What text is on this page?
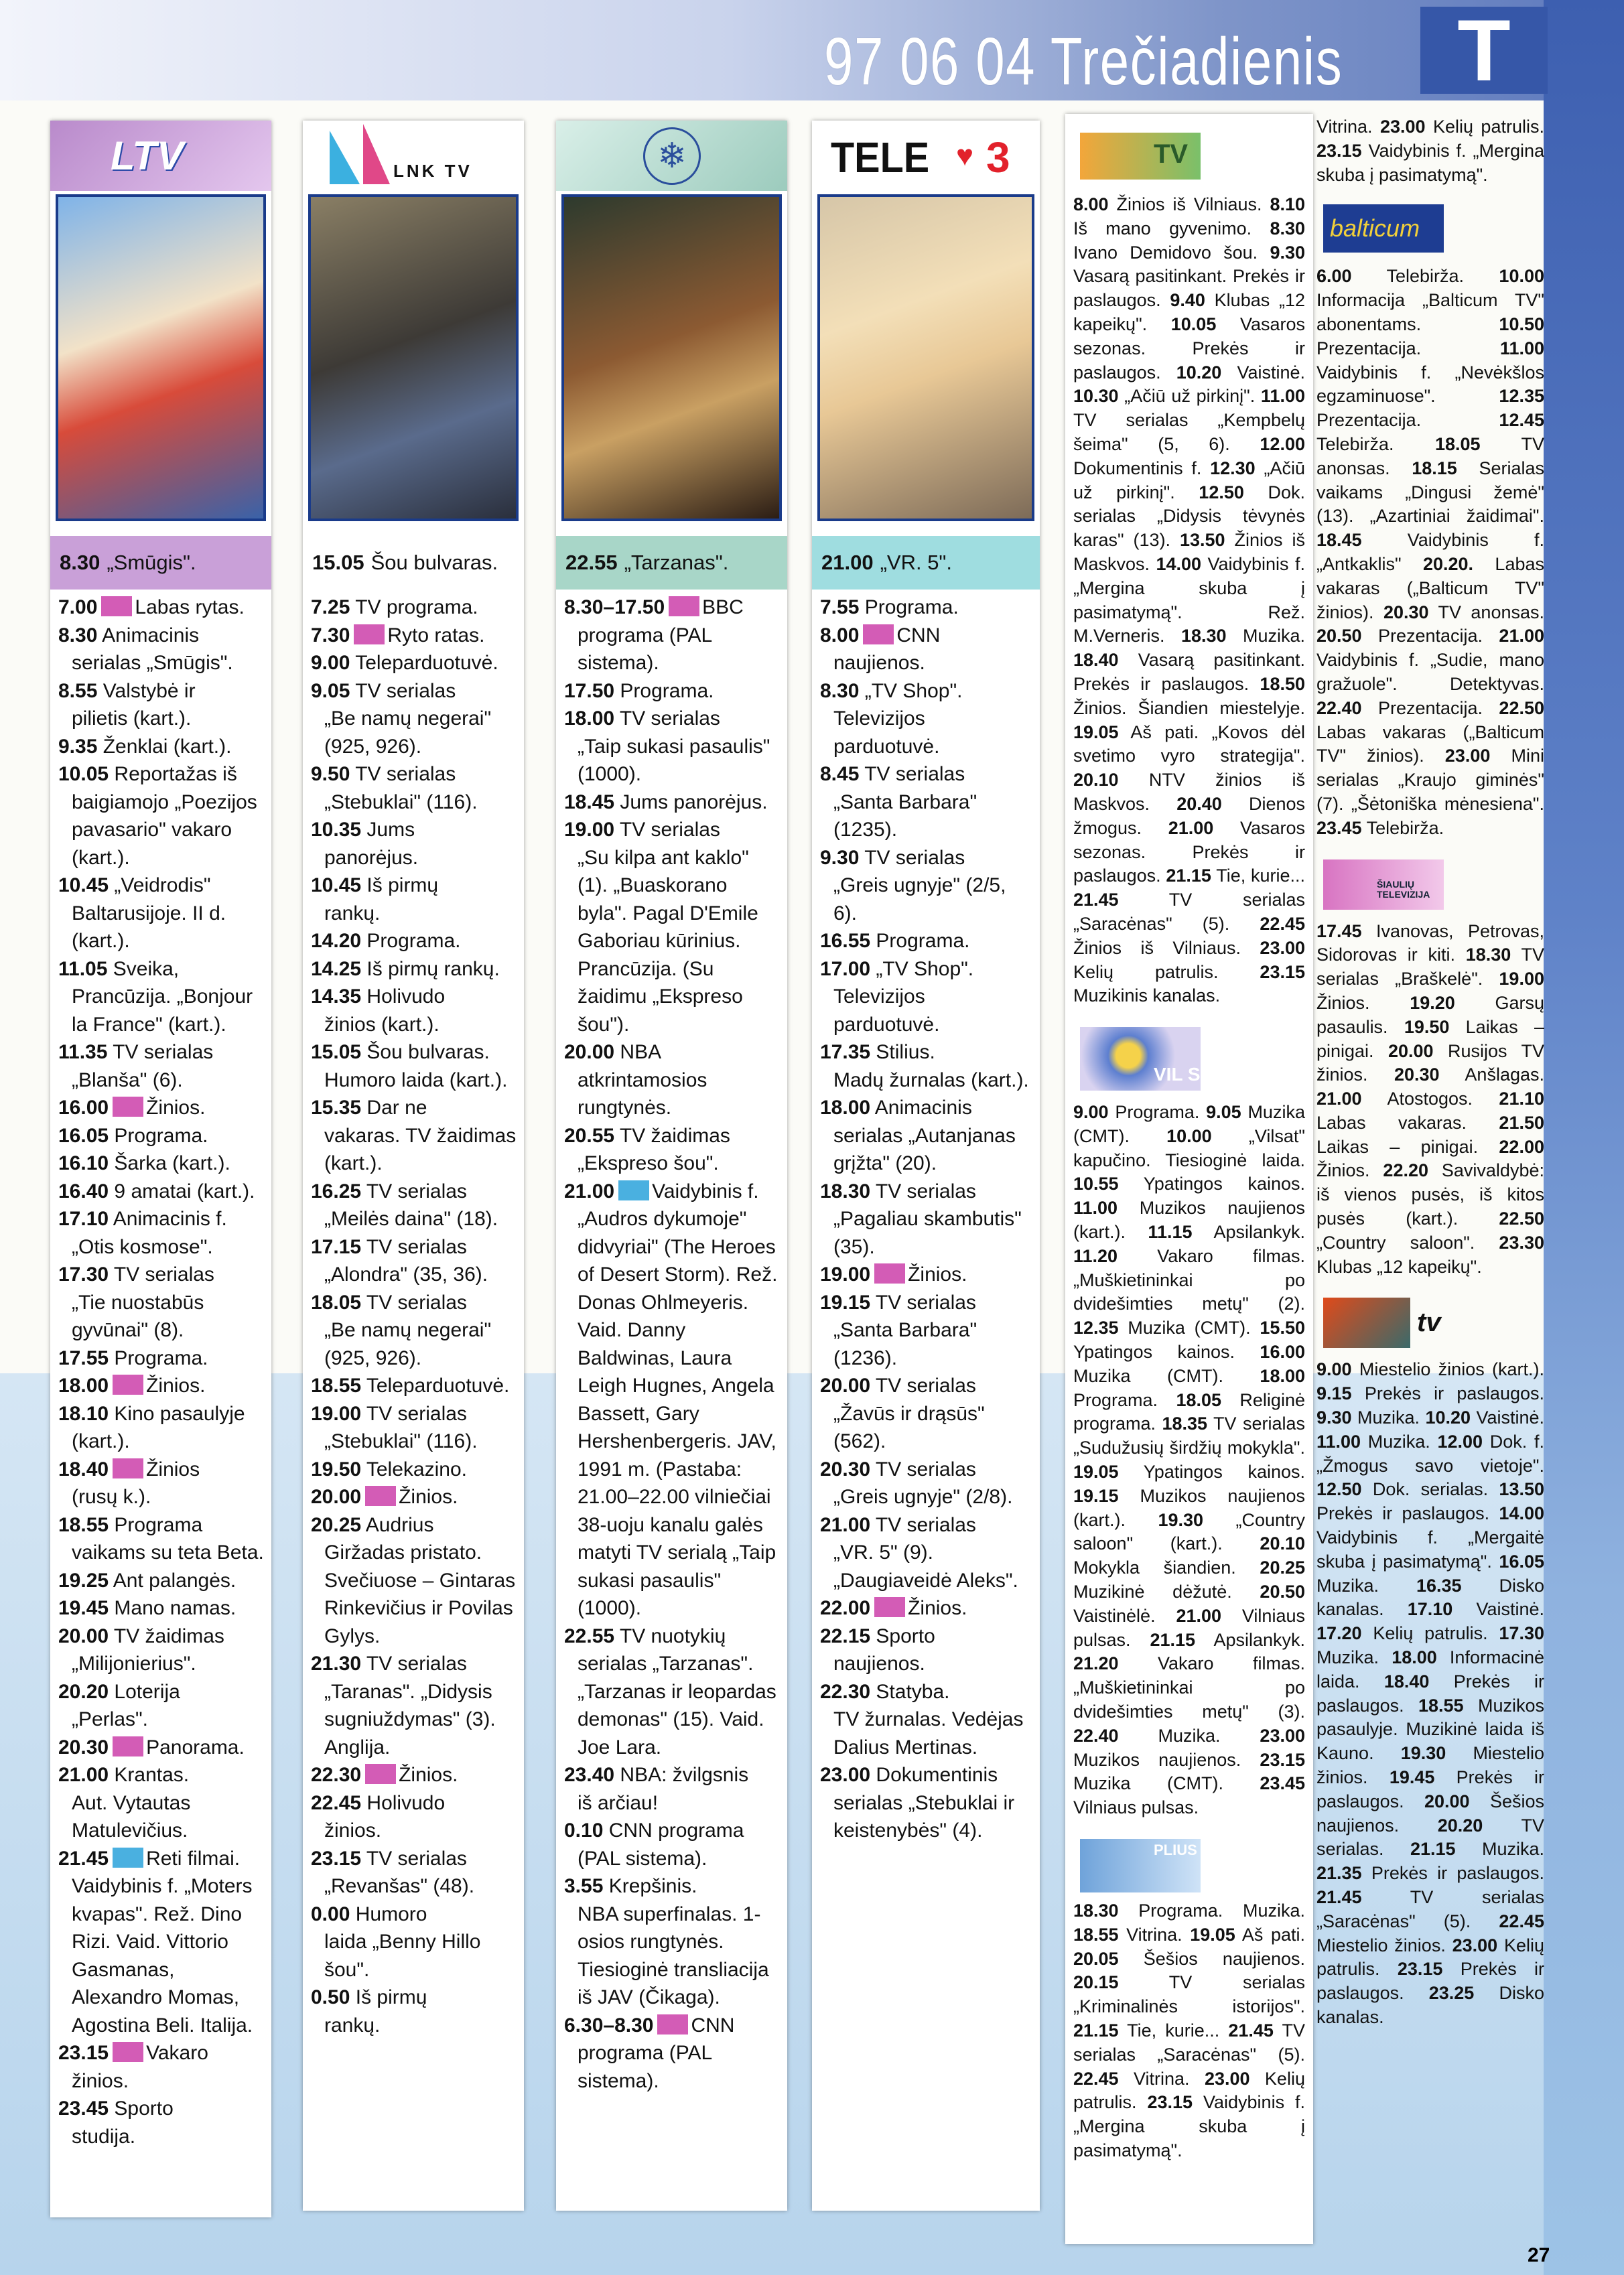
97 06 04 Trečiadienis	T
LTV
8.30 „Smūgis".

7.00 Labas rytas.

8.30 Animacinis
serialas „Smūgis".

8.55 Valstybė ir
pilietis (kart.).

9.35 Ženklai (kart.).

10.05 Reportažas iš
baigiamojo „Poezijos pavasario" vakaro (kart.).

10.45 „Veidrodis"
Baltarusijoje. II d. (kart.).

11.05 Sveika,
Prancūzija. „Bonjour la France" (kart.).

11.35 TV serialas
„Blanša" (6).

16.00 Žinios.

16.05 Programa.

16.10 Šarka (kart.).

16.40 9 amatai (kart.).

17.10 Animacinis f.
„Otis kosmose".

17.30 TV serialas
„Tie nuostabūs gyvūnai" (8).

17.55 Programa.

18.00 Žinios.

18.10 Kino pasaulyje
(kart.).

18.40 Žinios
(rusų k.).

18.55 Programa
vaikams su teta Beta.

19.25 Ant palangės.

19.45 Mano namas.

20.00 TV žaidimas
„Milijonierius".

20.20 Loterija
„Perlas".

20.30 Panorama.

21.00 Krantas.
Aut. Vytautas Matulevičius.

21.45 Reti filmai.
Vaidybinis f. „Moters kvapas". Rež. Dino Rizi. Vaid. Vittorio Gasmanas, Alexandro Momas, Agostina Beli. Italija.

23.15 Vakaro
žinios.

23.45 Sporto
studija.

LNK TV
15.05 Šou bulvaras.

7.25 TV programa.

7.30 Ryto ratas.

9.00 Teleparduotuvė.

9.05 TV serialas
„Be namų negerai" (925, 926).

9.50 TV serialas
„Stebuklai" (116).

10.35 Jums
panorėjus.

10.45 Iš pirmų
rankų.

14.20 Programa.

14.25 Iš pirmų rankų.

14.35 Holivudo
žinios (kart.).

15.05 Šou bulvaras.
Humoro laida (kart.).

15.35 Dar ne
vakaras. TV žaidimas (kart.).

16.25 TV serialas
„Meilės daina" (18).

17.15 TV serialas
„Alondra" (35, 36).

18.05 TV serialas
„Be namų negerai" (925, 926).

18.55 Teleparduotuvė.

19.00 TV serialas
„Stebuklai" (116).

19.50 Telekazino.

20.00 Žinios.

20.25 Audrius
Giržadas pristato. Svečiuose – Gintaras Rinkevičius ir Povilas Gylys.

21.30 TV serialas
„Taranas". „Didysis sugniuždymas" (3). Anglija.

22.30 Žinios.

22.45 Holivudo
žinios.

23.15 TV serialas
„Revanšas" (48).

0.00 Humoro
laida „Benny Hillo šou".

0.50 Iš pirmų
rankų.

❄
22.55 „Tarzanas".

8.30–17.50 BBC
programa (PAL sistema).

17.50 Programa.

18.00 TV serialas
„Taip sukasi pasaulis" (1000).

18.45 Jums panorėjus.

19.00 TV serialas
„Su kilpa ant kaklo" (1). „Buaskorano byla". Pagal D'Emile Gaboriau kūrinius. Prancūzija. (Su žaidimu „Ekspreso šou").

20.00 NBA
atkrintamosios rungtynės.

20.55 TV žaidimas
„Ekspreso šou".

21.00 Vaidybinis f.
„Audros dykumoje" didvyriai" (The Heroes of Desert Storm). Rež. Donas Ohlmeyeris. Vaid. Danny Baldwinas, Laura Leigh Hugnes, Angela Bassett, Gary Hershenbergeris. JAV, 1991 m. (Pastaba: 21.00–22.00 vilniečiai 38-uoju kanalu galės matyti TV serialą „Taip sukasi pasaulis" (1000).

22.55 TV nuotykių
serialas „Tarzanas". „Tarzanas ir leopardas demonas" (15). Vaid. Joe Lara.

23.40 NBA: žvilgsnis
iš arčiau!

0.10 CNN programa
(PAL sistema).

3.55 Krepšinis.
NBA superfinalas. 1-osios rungtynės. Tiesioginė transliacija iš JAV (Čikaga).

6.30–8.30 CNN
programa (PAL sistema).

TELE ♥ 3
21.00 „VR. 5".

7.55 Programa.

8.00 CNN
naujienos.

8.30 „TV Shop".
Televizijos parduotuvė.

8.45 TV serialas
„Santa Barbara" (1235).

9.30 TV serialas
„Greis ugnyje" (2/5, 6).

16.55 Programa.

17.00 „TV Shop".
Televizijos parduotuvė.

17.35 Stilius.
Madų žurnalas (kart.).

18.00 Animacinis
serialas „Autanjanas grįžta" (20).

18.30 TV serialas
„Pagaliau skambutis" (35).

19.00 Žinios.

19.15 TV serialas
„Santa Barbara" (1236).

20.00 TV serialas
„Žavūs ir drąsūs" (562).

20.30 TV serialas
„Greis ugnyje" (2/8).

21.00 TV serialas
„VR. 5" (9). „Daugiaveidė Aleks".

22.00 Žinios.

22.15 Sporto
naujienos.

22.30 Statyba.
TV žurnalas. Vedėjas Dalius Mertinas.

23.00 Dokumentinis
serialas „Stebuklai ir keistenybės" (4).

TV
8.00 Žinios iš Vilniaus. 8.10 Iš mano gyvenimo. 8.30 Ivano Demidovo šou. 9.30 Vasarą pasitinkant. Prekės ir paslaugos. 9.40 Klubas „12 kapeikų". 10.05 Vasaros sezonas. Prekės ir paslaugos. 10.20 Vaistinė. 10.30 „Ačiū už pirkinį". 11.00 TV serialas „Kempbelų šeima" (5, 6). 12.00 Dokumentinis f. 12.30 „Ačiū už pirkinį". 12.50 Dok. serialas „Didysis tėvynės karas" (13). 13.50 Žinios iš Maskvos. 14.00 Vaidybinis f. „Mergina skuba į pasimatymą". Rež. M.Verneris. 18.30 Muzika. 18.40 Vasarą pasitinkant. Prekės ir paslaugos. 18.50 Žinios. Šiandien miestelyje. 19.05 Aš pati. „Kovos dėl svetimo vyro strategija". 20.10 NTV žinios iš Maskvos. 20.40 Dienos žmogus. 21.00 Vasaros sezonas. Prekės ir paslaugos. 21.15 Tie, kurie... 21.45	TV serialas „Saracėnas" (5). 22.45 Žinios iš Vilniaus. 23.00 Kelių patrulis. 23.15 Muzikinis kanalas.
VIL SAT
9.00 Programa. 9.05 Muzika (CMT). 10.00 „Vilsat" kapučino. Tiesioginė laida. 10.55 Ypatingos kainos. 11.00 Muzikos naujienos (kart.). 11.15 Apsilankyk. 11.20 Vakaro filmas. „Muškietininkai po dvidešimties metų" (2). 12.35 Muzika (CMT). 15.50 Ypatingos kainos. 16.00 Muzika (CMT). 18.00 Programa. 18.05 Religinė programa. 18.35 TV serialas „Sudužusių širdžių mokykla". 19.05 Ypatingos kainos. 19.15 Muzikos naujienos (kart.). 19.30 „Country saloon" (kart.). 20.10 Mokykla šiandien. 20.25 Muzikinė dėžutė. 20.50 Vaistinėlė. 21.00 Vilniaus pulsas. 21.15 Apsilankyk. 21.20 Vakaro filmas. „Muškietininkai po dvidešimties metų" (3). 22.40 Muzika. 23.00 Muzikos naujienos. 23.15 Muzika (CMT). 23.45 Vilniaus pulsas.
PLIUS
18.30 Programa. Muzika. 18.55 Vitrina. 19.05 Aš pati. 20.05 Šešios naujienos. 20.15	TV serialas „Kriminalinės istorijos". 21.15 Tie, kurie... 21.45 TV serialas „Saracėnas" (5). 22.45 Vitrina. 23.00 Kelių patrulis. 23.15 Vaidybinis f. „Mergina skuba į pasimatymą".
Vitrina. 23.00 Kelių patrulis. 23.15 Vaidybinis f. „Mergina skuba į pasimatymą".
balticum
6.00 Telebirža. 10.00 Informacija „Balticum TV" abonentams.	10.50 Prezentacija.	11.00 Vaidybinis f. „Nevėkšlos egzaminuose".	12.35 Prezentacija.	12.45 Telebirža. 18.05 TV anonsas. 18.15 Serialas vaikams „Dingusi žemė" (13). „Azartiniai žaidimai". 18.45	Vaidybinis f. „Antkaklis" 20.20. Labas vakaras („Balticum TV" žinios). 20.30 TV anonsas. 20.50 Prezentacija. 21.00 Vaidybinis f. „Sudie, mano gražuole". Detektyvas. 22.40 Prezentacija. 22.50 Labas vakaras („Balticum TV" žinios). 23.00 Mini serialas „Kraujo giminės" (7). „Šėtoniška mėnesiena". 23.45 Telebirža.
ŠIAULIŲ TELEVIZIJA
17.45 Ivanovas, Petrovas, Sidorovas ir kiti. 18.30 TV serialas „Braškelė". 19.00 Žinios. 19.20 Garsų pasaulis. 19.50 Laikas – pinigai. 20.00 Rusijos TV žinios. 20.30 Anšlagas. 21.00 Atostogos. 21.10 Labas vakaras. 21.50 Laikas – pinigai. 22.00 Žinios. 22.20 Savivaldybė: iš vienos pusės, iš kitos pusės (kart.). 22.50 „Country saloon". 23.30 Klubas „12 kapeikų".
tv
9.00 Miestelio žinios (kart.). 9.15 Prekės ir paslaugos. 9.30 Muzika. 10.20 Vaistinė. 11.00 Muzika. 12.00 Dok. f. „Žmogus savo vietoje". 12.50 Dok. serialas. 13.50 Prekės ir paslaugos. 14.00 Vaidybinis f. „Mergaitė skuba į pasimatymą". 16.05 Muzika. 16.35 Disko kanalas. 17.10 Vaistinė. 17.20 Kelių patrulis. 17.30 Muzika. 18.00 Informacinė laida. 18.40 Prekės ir paslaugos. 18.55 Muzikos pasaulyje. Muzikinė laida iš Kauno. 19.30 Miestelio žinios. 19.45 Prekės ir paslaugos. 20.00 Šešios naujienos. 20.20 TV serialas. 21.15 Muzika. 21.35 Prekės ir paslaugos. 21.45	TV serialas „Saracėnas" (5). 22.45 Miestelio žinios. 23.00 Kelių patrulis. 23.15 Prekės ir paslaugos. 23.25 Disko kanalas.
27
